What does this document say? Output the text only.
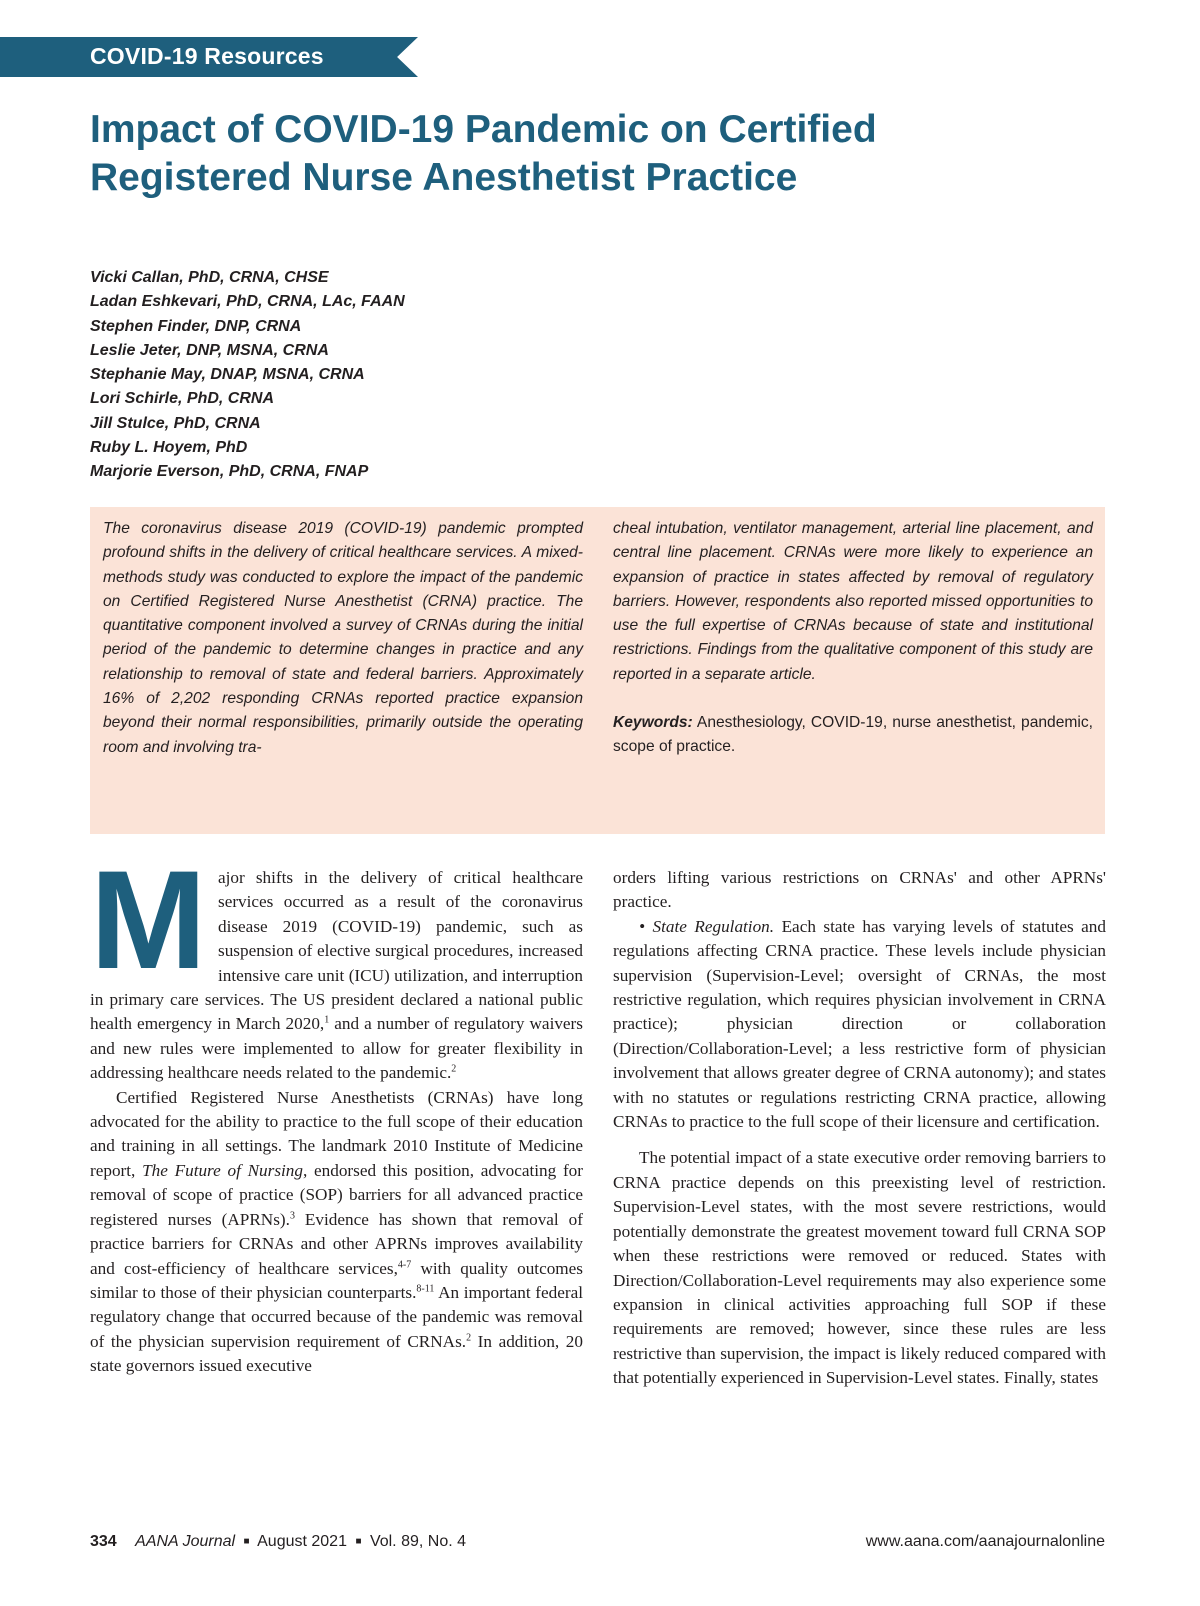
COVID-19 Resources
Impact of COVID-19 Pandemic on Certified
Registered Nurse Anesthetist Practice
Vicki Callan, PhD, CRNA, CHSE
Ladan Eshkevari, PhD, CRNA, LAc, FAAN
Stephen Finder, DNP, CRNA
Leslie Jeter, DNP, MSNA, CRNA
Stephanie May, DNAP, MSNA, CRNA
Lori Schirle, PhD, CRNA
Jill Stulce, PhD, CRNA
Ruby L. Hoyem, PhD
Marjorie Everson, PhD, CRNA, FNAP
The coronavirus disease 2019 (COVID-19) pandemic prompted profound shifts in the delivery of critical healthcare services. A mixed-methods study was conducted to explore the impact of the pandemic on Certified Registered Nurse Anesthetist (CRNA) practice. The quantitative component involved a survey of CRNAs during the initial period of the pandemic to determine changes in practice and any relationship to removal of state and federal barriers. Approximately 16% of 2,202 responding CRNAs reported practice expansion beyond their normal responsibilities, primarily outside the operating room and involving tra-
cheal intubation, ventilator management, arterial line placement, and central line placement. CRNAs were more likely to experience an expansion of practice in states affected by removal of regulatory barriers. However, respondents also reported missed opportunities to use the full expertise of CRNAs because of state and institutional restrictions. Findings from the qualitative component of this study are reported in a separate article.
Keywords: Anesthesiology, COVID-19, nurse anesthetist, pandemic, scope of practice.

Major shifts in the delivery of critical healthcare services occurred as a result of the coronavirus disease 2019 (COVID-19) pandemic, such as suspension of elective surgical procedures, increased intensive care unit (ICU) utilization, and interruption in primary care services. The US president declared a national public health emergency in March 2020,$^1$ and a number of regulatory waivers and new rules were implemented to allow for greater flexibility in addressing healthcare needs related to the pandemic.$^2$

Certified Registered Nurse Anesthetists (CRNAs) have long advocated for the ability to practice to the full scope of their education and training in all settings. The landmark 2010 Institute of Medicine report, The Future of Nursing, endorsed this position, advocating for removal of scope of practice (SOP) barriers for all advanced practice registered nurses (APRNs).$^3$ Evidence has shown that removal of practice barriers for CRNAs and other APRNs improves availability and cost-efficiency of healthcare services,$^{4-7}$ with quality outcomes similar to those of their physician counterparts.$^{8-11}$ An important federal regulatory change that occurred because of the pandemic was removal of the physician supervision requirement of CRNAs.$^2$ In addition, 20 state governors issued executive

orders lifting various restrictions on CRNAs' and other APRNs' practice.

• State Regulation. Each state has varying levels of statutes and regulations affecting CRNA practice. These levels include physician supervision (Supervision-Level; oversight of CRNAs, the most restrictive regulation, which requires physician involvement in CRNA practice); physician direction or collaboration (Direction/Collaboration-Level; a less restrictive form of physician involvement that allows greater degree of CRNA autonomy); and states with no statutes or regulations restricting CRNA practice, allowing CRNAs to practice to the full scope of their licensure and certification.

The potential impact of a state executive order removing barriers to CRNA practice depends on this preexisting level of restriction. Supervision-Level states, with the most severe restrictions, would potentially demonstrate the greatest movement toward full CRNA SOP when these restrictions were removed or reduced. States with Direction/Collaboration-Level requirements may also experience some expansion in clinical activities approaching full SOP if these requirements are removed; however, since these rules are less restrictive than supervision, the impact is likely reduced compared with that potentially experienced in Supervision-Level states. Finally, states

334 AANA Journal ■ August 2021 ■ Vol. 89, No. 4	www.aana.com/aanajournalonline
